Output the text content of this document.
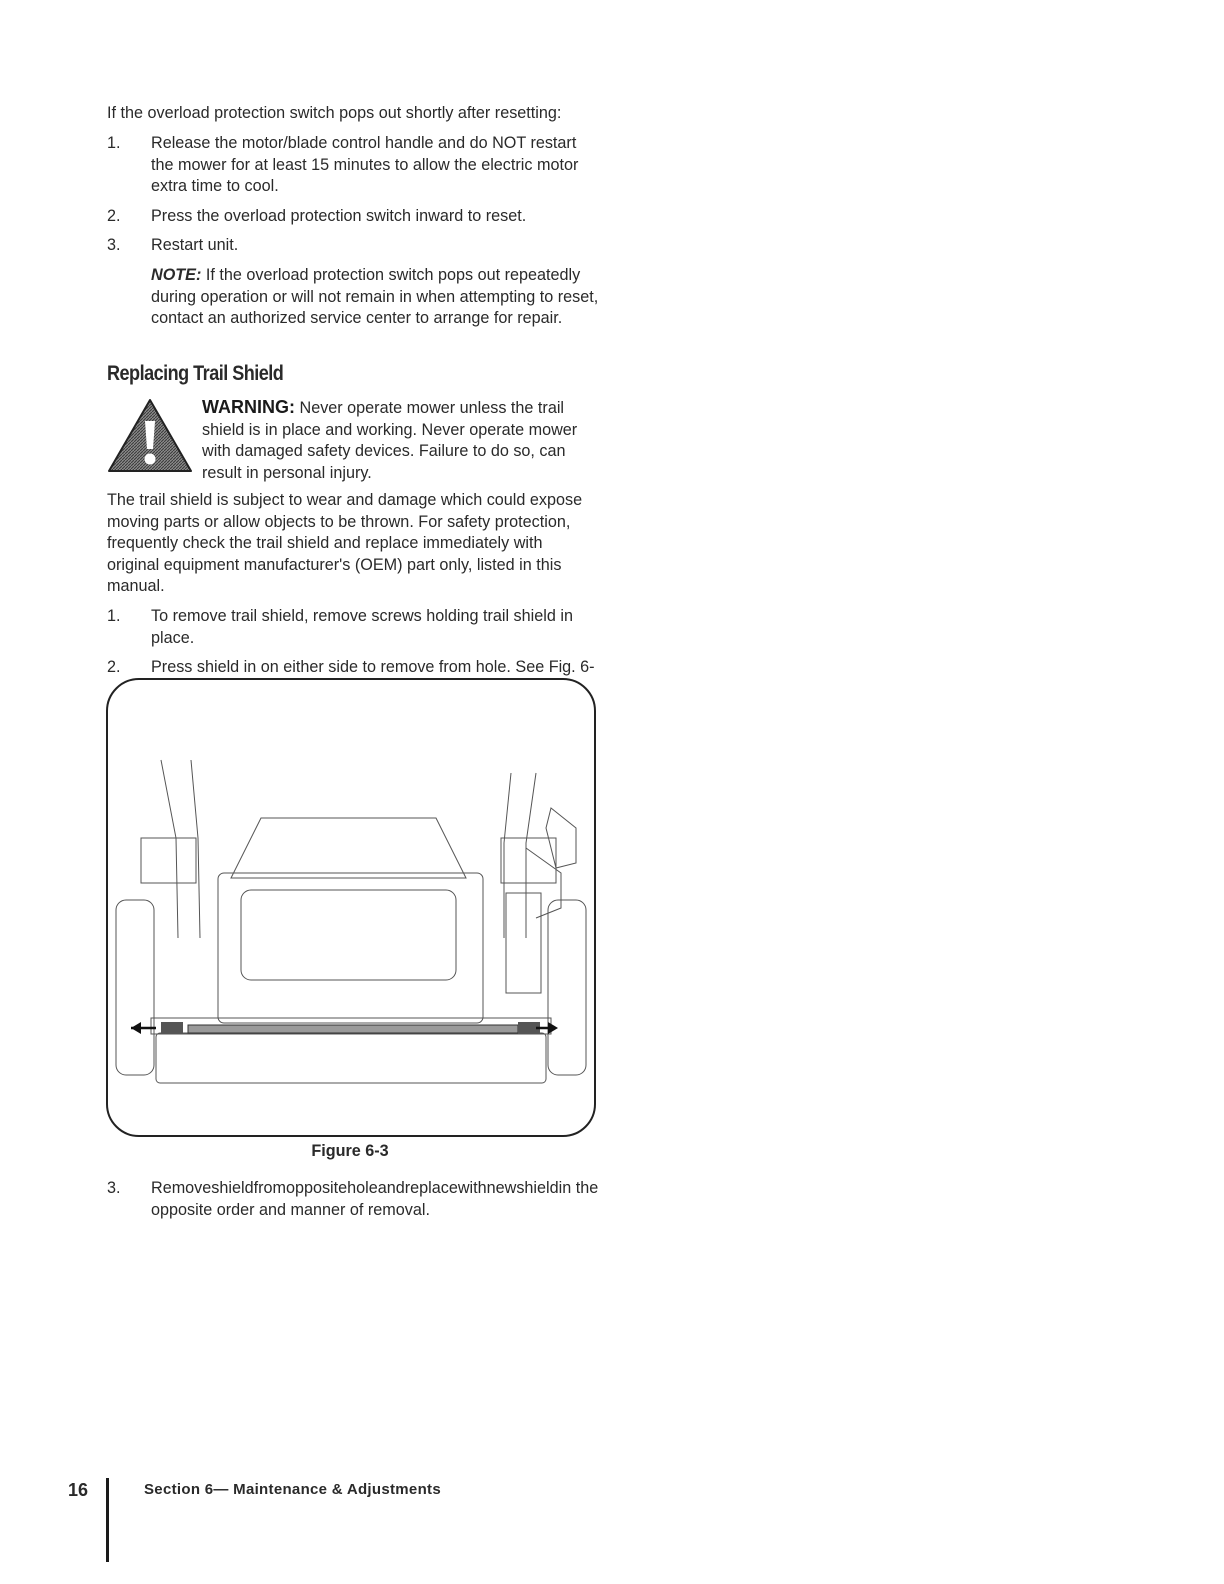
If the overload protection switch pops out shortly after resetting:

1. Release the motor/blade control handle and do NOT restart the mower for at least 15 minutes to allow the electric motor extra time to cool.
2. Press the overload protection switch inward to reset.
3. Restart unit.
NOTE: If the overload protection switch pops out repeatedly during operation or will not remain in when attempting to reset, contact an authorized service center to arrange for repair.
Replacing Trail Shield
WARNING: Never operate mower unless the trail shield is in place and working. Never operate mower with damaged safety devices. Failure to do so, can result in personal injury.

The trail shield is subject to wear and damage which could expose moving parts or allow objects to be thrown. For safety protection, frequently check the trail shield and replace immediately with original equipment manufacturer's (OEM) part only, listed in this manual.

1. To remove trail shield, remove screws holding trail shield in place.
2. Press shield in on either side to remove from hole. See Fig. 6-
Figure 6-3
3. Removeshieldfromoppositeholeandreplacewithnewshieldin the opposite order and manner of removal.
16	Section 6— Maintenance & Adjustments
